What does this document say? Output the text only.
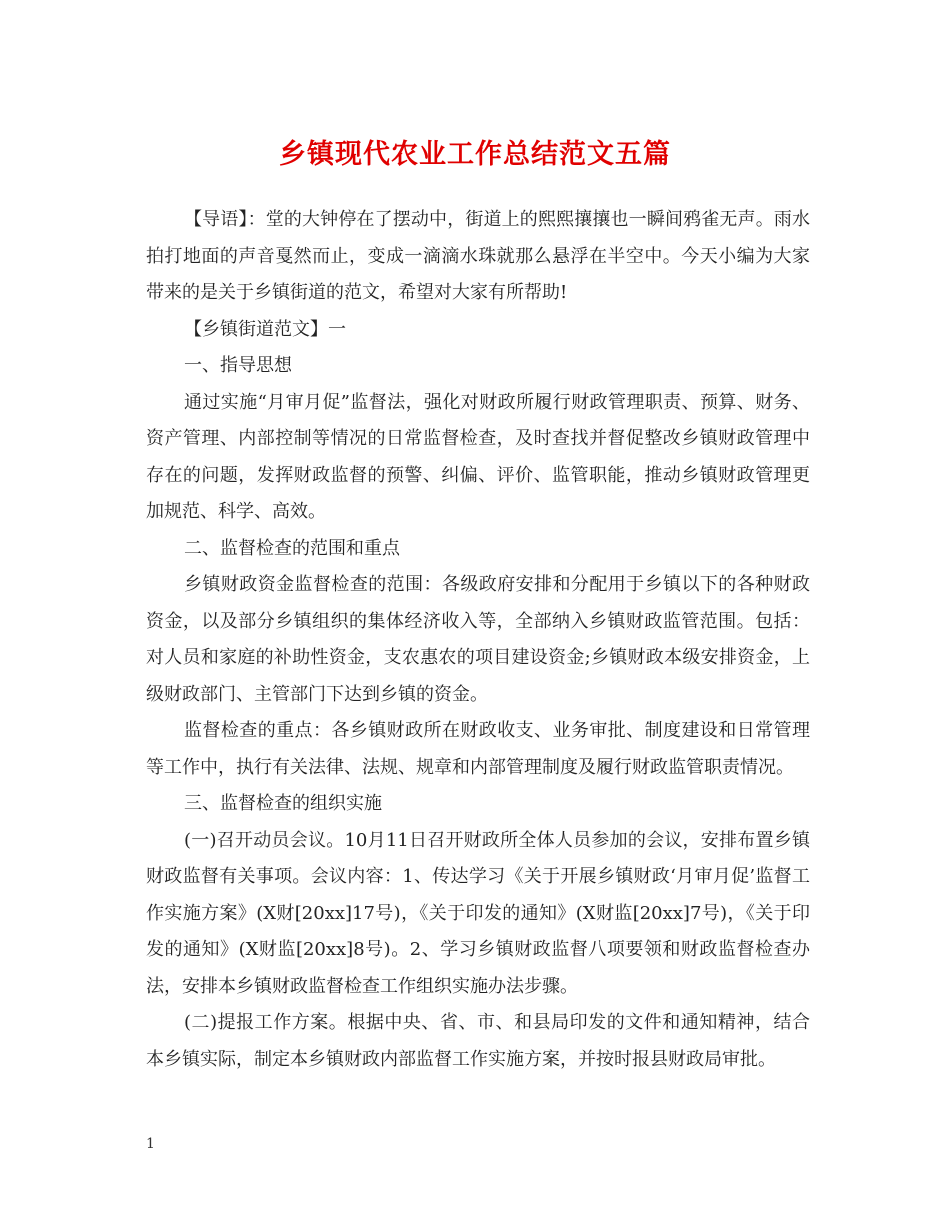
乡镇现代农业工作总结范文五篇

【导语】：堂的大钟停在了摆动中，街道上的熙熙攘攘也一瞬间鸦雀无声。雨水拍打地面的声音戛然而止，变成一滴滴水珠就那么悬浮在半空中。今天小编为大家带来的是关于乡镇街道的范文，希望对大家有所帮助!

【乡镇街道范文】一

一、指导思想

通过实施“月审月促”监督法，强化对财政所履行财政管理职责、预算、财务、资产管理、内部控制等情况的日常监督检查，及时查找并督促整改乡镇财政管理中存在的问题，发挥财政监督的预警、纠偏、评价、监管职能，推动乡镇财政管理更加规范、科学、高效。

二、监督检查的范围和重点

乡镇财政资金监督检查的范围：各级政府安排和分配用于乡镇以下的各种财政资金，以及部分乡镇组织的集体经济收入等，全部纳入乡镇财政监管范围。包括：对人员和家庭的补助性资金，支农惠农的项目建设资金;乡镇财政本级安排资金，上级财政部门、主管部门下达到乡镇的资金。

监督检查的重点：各乡镇财政所在财政收支、业务审批、制度建设和日常管理等工作中，执行有关法律、法规、规章和内部管理制度及履行财政监管职责情况。

三、监督检查的组织实施

(一)召开动员会议。10月11日召开财政所全体人员参加的会议，安排布置乡镇财政监督有关事项。会议内容：1、传达学习《关于开展乡镇财政‘月审月促’监督工作实施方案》(X财[20xx]17号)，《关于印发的通知》(X财监[20xx]7号)，《关于印发的通知》(X财监[20xx]8号)。2、学习乡镇财政监督八项要领和财政监督检查办法，安排本乡镇财政监督检查工作组织实施办法步骤。

(二)提报工作方案。根据中央、省、市、和县局印发的文件和通知精神，结合本乡镇实际，制定本乡镇财政内部监督工作实施方案，并按时报县财政局审批。

1
